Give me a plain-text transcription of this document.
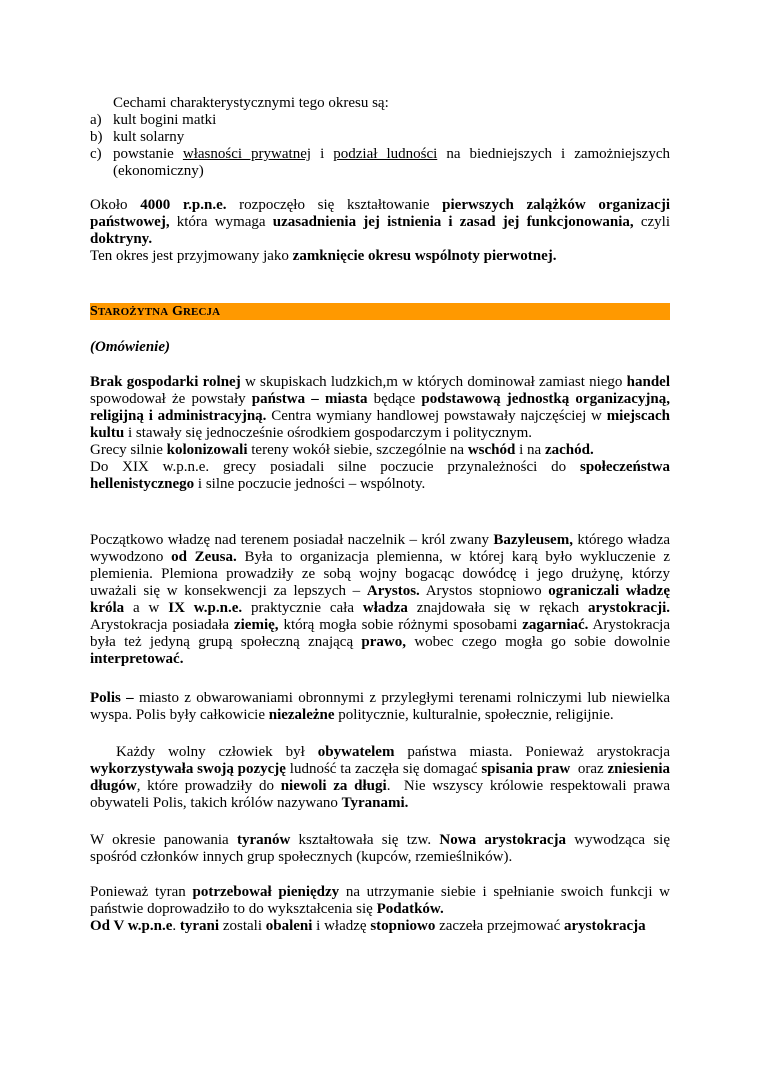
Cechami charakterystycznymi tego okresu są:

a) kult bogini matki
b) kult solarny
c) powstanie własności prywatnej i podział ludności na biedniejszych i zamożniejszych (ekonomiczny)

Około 4000 r.p.n.e. rozpoczęło się kształtowanie pierwszych zalążków organizacji państwowej, która wymaga uzasadnienia jej istnienia i zasad jej funkcjonowania, czyli doktryny.

Ten okres jest przyjmowany jako zamknięcie okresu wspólnoty pierwotnej.

STAROŻYTNA GRECJA

(Omówienie)

Brak gospodarki rolnej w skupiskach ludzkich,m w których dominował zamiast niego handel spowodował że powstały państwa – miasta będące podstawową jednostką organizacyjną, religijną i administracyjną. Centra wymiany handlowej powstawały najczęściej w miejscach kultu i stawały się jednocześnie ośrodkiem gospodarczym i politycznym.

Grecy silnie kolonizowali tereny wokół siebie, szczególnie na wschód i na zachód.

Do XIX w.p.n.e. grecy posiadali silne poczucie przynależności do społeczeństwa hellenistycznego i silne poczucie jedności – wspólnoty.

Początkowo władzę nad terenem posiadał naczelnik – król zwany Bazyleusem, którego władza wywodzono od Zeusa. Była to organizacja plemienna, w której karą było wykluczenie z plemienia. Plemiona prowadziły ze sobą wojny bogacąc dowódcę i jego drużynę, którzy uważali się w konsekwencji za lepszych – Arystos. Arystos stopniowo ograniczali władzę króla a w IX w.p.n.e. praktycznie cała władza znajdowała się w rękach arystokracji. Arystokracja posiadała ziemię, którą mogła sobie różnymi sposobami zagarniać. Arystokracja była też jedyną grupą społeczną znającą prawo, wobec czego mogła go sobie dowolnie interpretować.

Polis – miasto z obwarowaniami obronnymi z przyległymi terenami rolniczymi lub niewielka wyspa. Polis były całkowicie niezależne politycznie, kulturalnie, społecznie, religijnie.

Każdy wolny człowiek był obywatelem państwa miasta. Ponieważ arystokracja wykorzystywała swoją pozycję ludność ta zaczęła się domagać spisania praw  oraz zniesienia długów, które prowadziły do niewoli za długi.  Nie wszyscy królowie respektowali prawa obywateli Polis, takich królów nazywano Tyranami.

W okresie panowania tyranów kształtowała się tzw. Nowa arystokracja wywodząca się spośród członków innych grup społecznych (kupców, rzemieślników).

Ponieważ tyran potrzebował pieniędzy na utrzymanie siebie i spełnianie swoich funkcji w państwie doprowadziło to do wykształcenia się Podatków.

Od V w.p.n.e. tyrani zostali obaleni i władzę stopniowo zaczeła przejmować arystokracja
